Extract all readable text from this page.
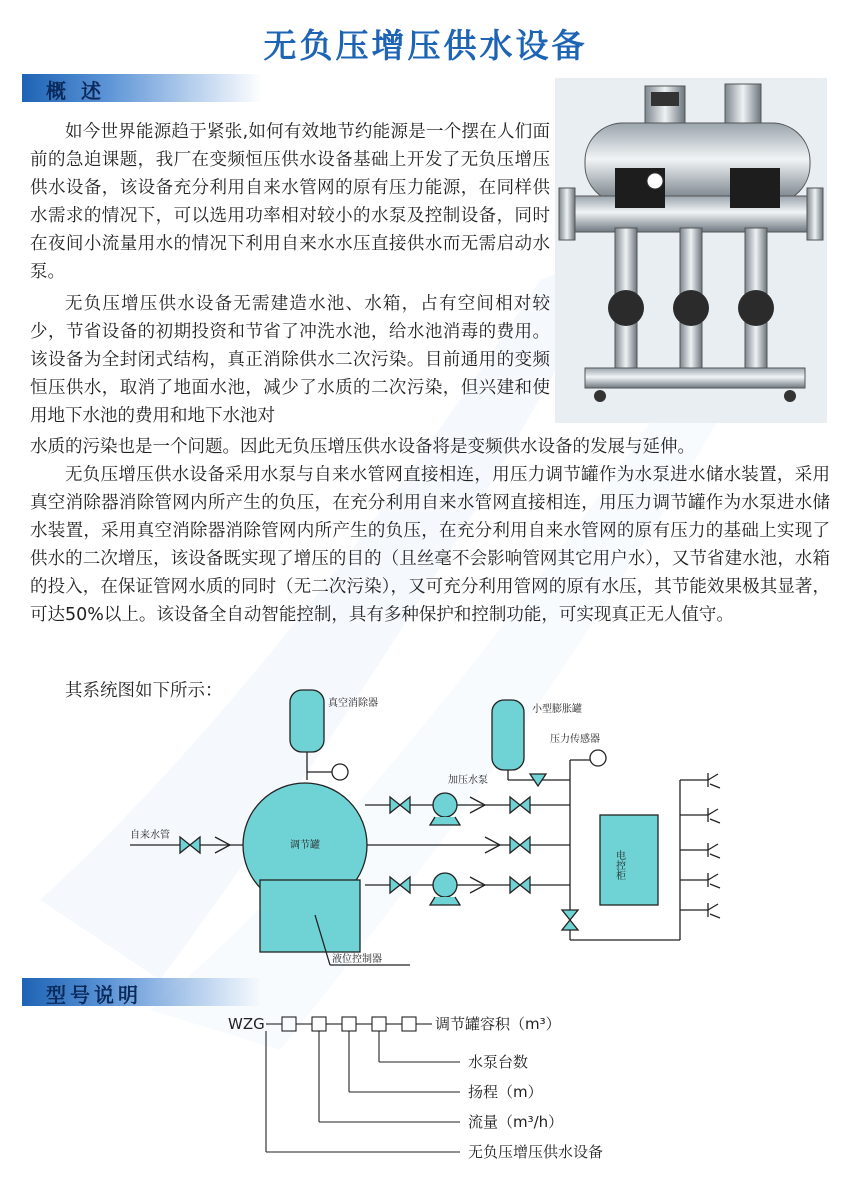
无负压增压供水设备
概 述

如今世界能源趋于紧张,如何有效地节约能源是一个摆在人们面前的急迫课题，我厂在变频恒压供水设备基础上开发了无负压增压供水设备，该设备充分利用自来水管网的原有压力能源，在同样供水需求的情况下，可以选用功率相对较小的水泵及控制设备，同时在夜间小流量用水的情况下利用自来水水压直接供水而无需启动水泵。

无负压增压供水设备无需建造水池、水箱，占有空间相对较少，节省设备的初期投资和节省了冲洗水池，给水池消毒的费用。该设备为全封闭式结构，真正消除供水二次污染。目前通用的变频恒压供水，取消了地面水池，减少了水质的二次污染，但兴建和使用地下水池的费用和地下水池对

水质的污染也是一个问题。因此无负压增压供水设备将是变频供水设备的发展与延伸。

无负压增压供水设备采用水泵与自来水管网直接相连，用压力调节罐作为水泵进水储水装置，采用真空消除器消除管网内所产生的负压，在充分利用自来水管网直接相连，用压力调节罐作为水泵进水储水装置，采用真空消除器消除管网内所产生的负压，在充分利用自来水管网的原有压力的基础上实现了供水的二次增压，该设备既实现了增压的目的（且丝毫不会影响管网其它用户水），又节省建水池，水箱的投入，在保证管网水质的同时（无二次污染），又可充分利用管网的原有水压，其节能效果极其显著，可达50%以上。该设备全自动智能控制，具有多种保护和控制功能，可实现真正无人值守。

其系统图如下所示：

真空消除器
小型膨胀罐
压力传感器
加压水泵
自来水管
调节罐
电控柜
液位控制器
型号说明
WZG	调节罐容积（m³）
水泵台数
扬程（m）
流量（m³/h）
无负压增压供水设备
